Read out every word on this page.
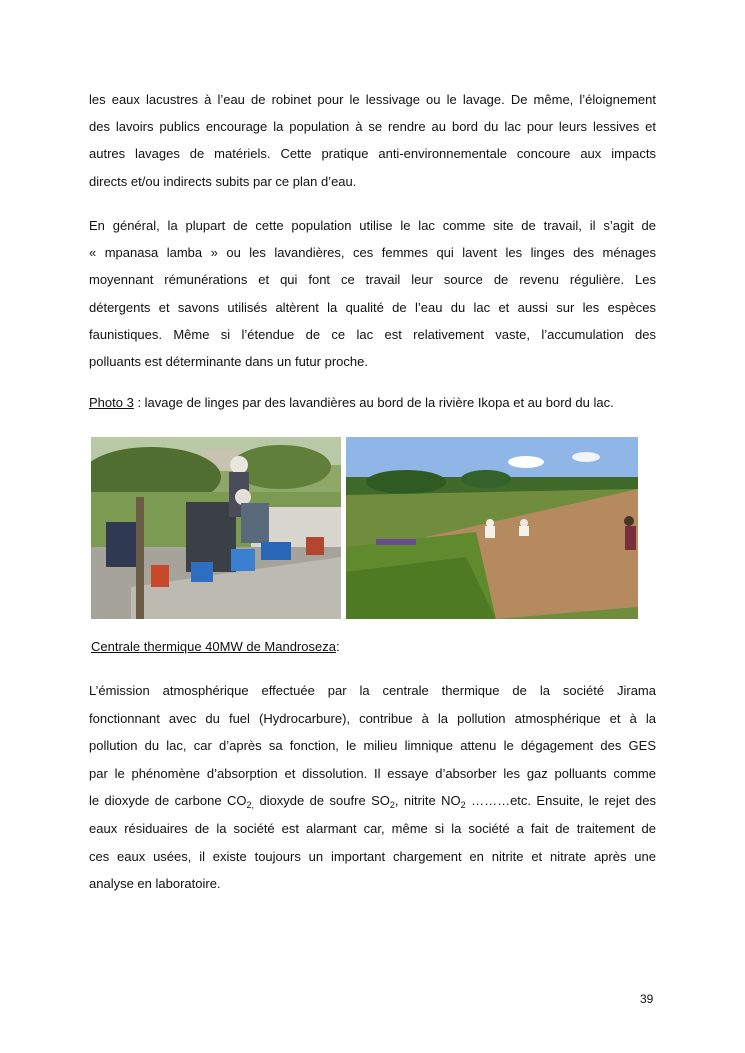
les eaux lacustres à l’eau de robinet pour le lessivage ou le lavage. De même, l’éloignement
des lavoirs publics encourage la population à se rendre au bord du lac pour leurs lessives et
autres lavages de matériels. Cette pratique anti-environnementale concoure aux impacts
directs et/ou indirects subits par ce plan d’eau.
En général, la plupart de cette population utilise le lac comme site de travail, il s’agit de
« mpanasa lamba » ou les lavandières, ces femmes qui lavent les linges des ménages
moyennant rémunérations et qui font ce travail leur source de revenu régulière. Les
détergents et savons utilisés altèrent la qualité de l’eau du lac et aussi sur les espèces
faunistiques. Même si l’étendue de ce lac est relativement vaste, l’accumulation des
polluants est déterminante dans un futur proche.
Photo 3 : lavage de linges par des lavandières au bord de la rivière Ikopa et au bord du lac.
Centrale thermique 40MW de Mandroseza:
L’émission atmosphérique effectuée par la centrale thermique de la société Jirama
fonctionnant avec du fuel (Hydrocarbure), contribue à la pollution atmosphérique et à la
pollution du lac, car d’après sa fonction, le milieu limnique attenu le dégagement des GES
par le phénomène d’absorption et dissolution. Il essaye d’absorber les gaz polluants comme
le dioxyde de carbone $CO_{2,}$ dioxyde de soufre $SO_2$, nitrite $NO_2$ ………etc. Ensuite, le rejet des
eaux résiduaires de la société est alarmant car, même si la société a fait de traitement de
ces eaux usées, il existe toujours un important chargement en nitrite et nitrate après une
analyse en laboratoire.
39
